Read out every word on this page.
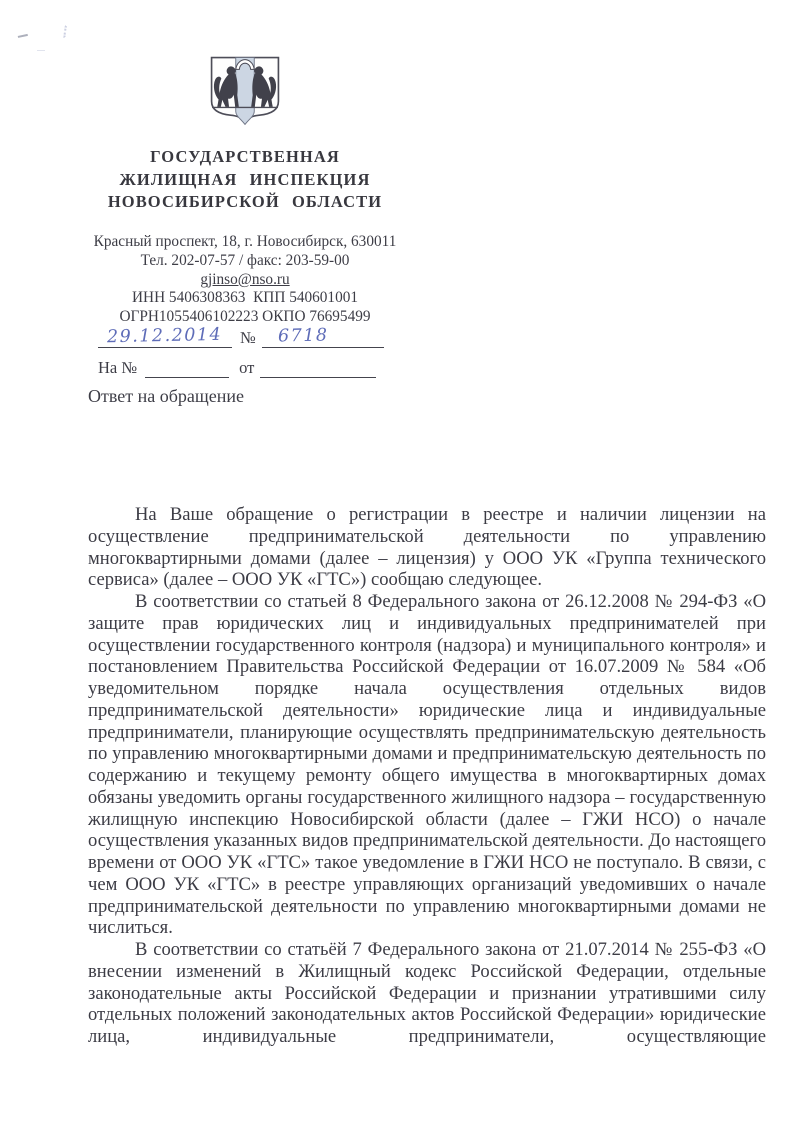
ГОСУДАРСТВЕННАЯ
ЖИЛИЩНАЯ ИНСПЕКЦИЯ
НОВОСИБИРСКОЙ ОБЛАСТИ
Красный проспект, 18, г. Новосибирск, 630011
Тел. 202-07-57 / факс: 203-59-00
gjinso@nso.ru
ИНН 5406308363  КПП 540601001
ОГРН1055406102223 ОКПО 76695499
29.12.2014	№	6718
На №	от
Ответ на обращение

На Ваше обращение о регистрации в реестре и наличии лицензии на осуществление предпринимательской деятельности по управлению многоквартирными домами (далее – лицензия) у ООО УК «Группа технического сервиса» (далее – ООО УК «ГТС») сообщаю следующее.

В соответствии со статьей 8 Федерального закона от 26.12.2008 № 294-ФЗ «О защите прав юридических лиц и индивидуальных предпринимателей при осуществлении государственного контроля (надзора) и муниципального контроля» и постановлением Правительства Российской Федерации от 16.07.2009 № 584 «Об уведомительном порядке начала осуществления отдельных видов предпринимательской деятельности» юридические лица и индивидуальные предприниматели, планирующие осуществлять предпринимательскую деятельность по управлению многоквартирными домами и предпринимательскую деятельность по содержанию и текущему ремонту общего имущества в многоквартирных домах обязаны уведомить органы государственного жилищного надзора – государственную жилищную инспекцию Новосибирской области (далее – ГЖИ НСО) о начале осуществления указанных видов предпринимательской деятельности. До настоящего времени от ООО УК «ГТС» такое уведомление в ГЖИ НСО не поступало. В связи, с чем ООО УК «ГТС» в реестре управляющих организаций уведомивших о начале предпринимательской деятельности по управлению многоквартирными домами не числиться.

В соответствии со статьёй 7 Федерального закона от 21.07.2014 № 255-ФЗ «О внесении изменений в Жилищный кодекс Российской Федерации, отдельные законодательные акты Российской Федерации и признании утратившими силу отдельных положений законодательных актов Российской Федерации» юридические лица, индивидуальные предприниматели, осуществляющие
